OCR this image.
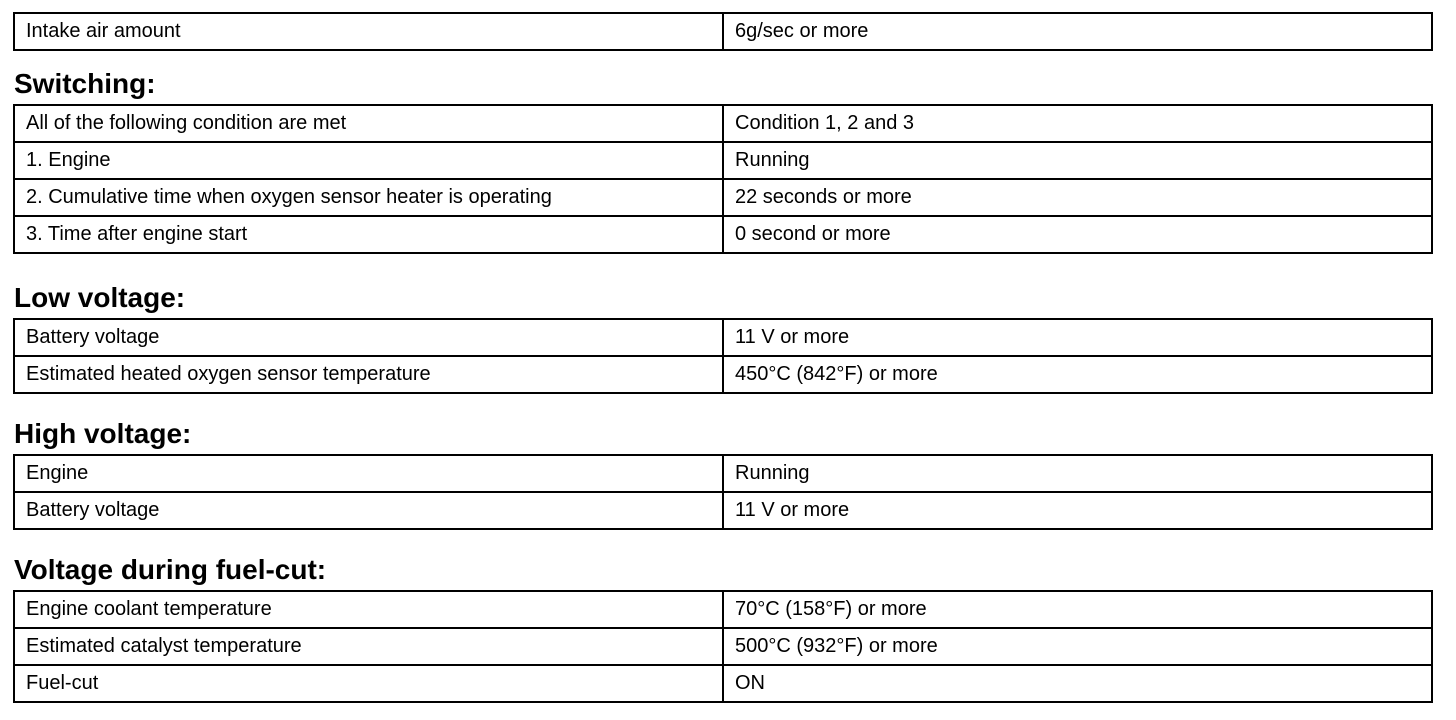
Intake air amount	6g/sec or more
Switching:
All of the following condition are met	Condition 1, 2 and 3
1. Engine	Running
2. Cumulative time when oxygen sensor heater is operating	22 seconds or more
3. Time after engine start	0 second or more
Low voltage:
Battery voltage	11 V or more
Estimated heated oxygen sensor temperature	450°C (842°F) or more
High voltage:
Engine	Running
Battery voltage	11 V or more
Voltage during fuel-cut:
Engine coolant temperature	70°C (158°F) or more
Estimated catalyst temperature	500°C (932°F) or more
Fuel-cut	ON
